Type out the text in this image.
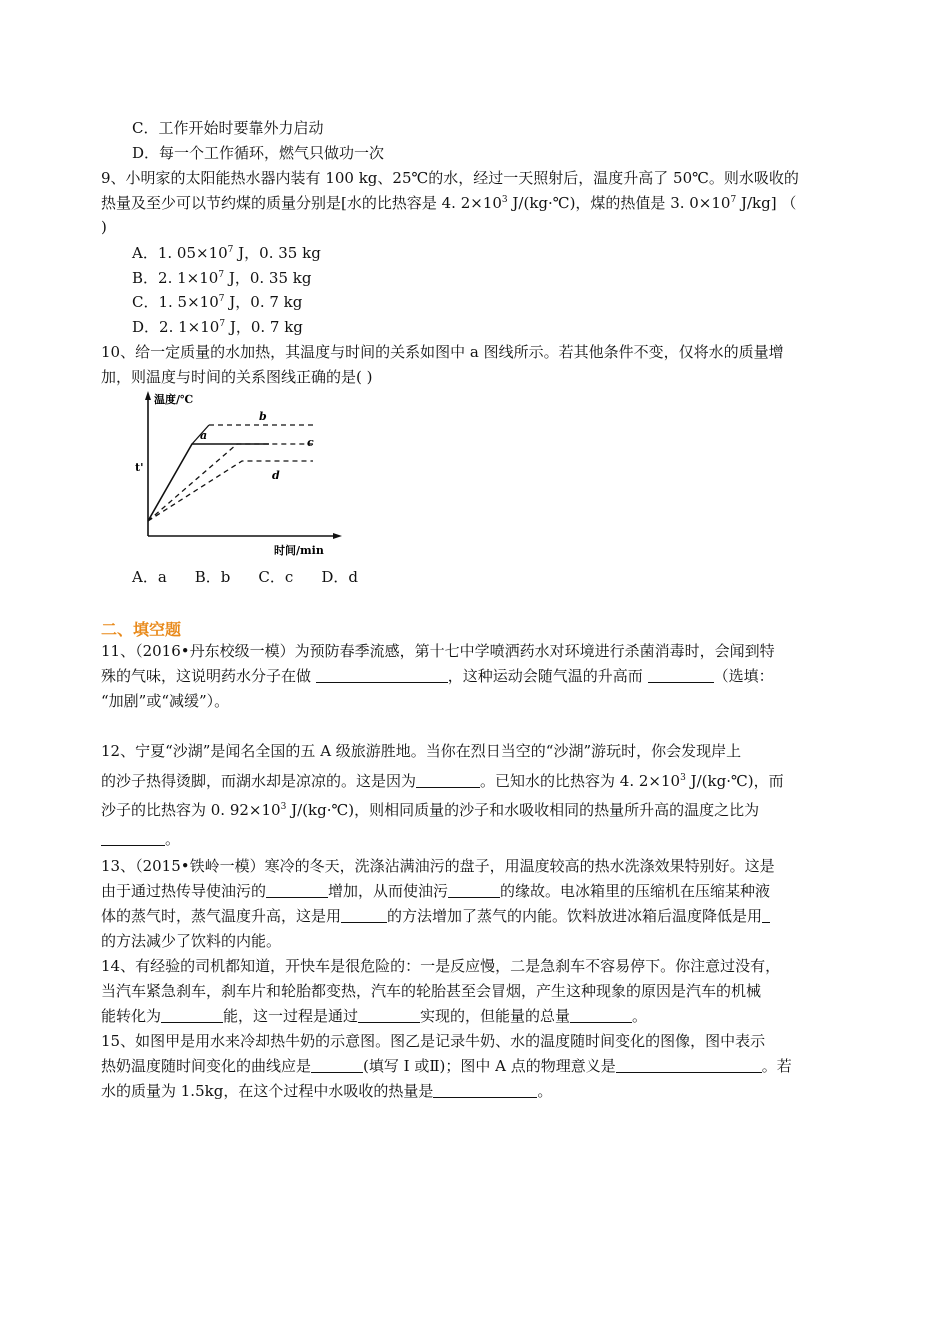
C．工作开始时要靠外力启动
D．每一个工作循环，燃气只做功一次
9、小明家的太阳能热水器内装有 100 kg、25℃的水，经过一天照射后，温度升高了 50℃。则水吸收的
热量及至少可以节约煤的质量分别是[水的比热容是 4. $2\times 10^3$ J/(kg·℃)，煤的热值是 3. $0\times 10^7$ J/kg] （
)
A．1. $05\times 10^7$ J，0. 35 kg
B．2. $1\times 10^7$ J，0. 35 kg
C．1. $5\times 10^7$ J，0. 7 kg
D．2. $1\times 10^7$ J，0. 7 kg
10、给一定质量的水加热，其温度与时间的关系如图中 a 图线所示。若其他条件不变，仅将水的质量增
加，则温度与时间的关系图线正确的是( )
温度/℃
时间/min
t'
a
b
c
d
A．a B．b C．c D．d
二、填空题
11、（2016•丹东校级一模）为预防春季流感，第十七中学喷洒药水对环境进行杀菌消毒时，会闻到特
殊的气味，这说明药水分子在做	，这种运动会随气温的升高而	（选填：
“加剧”或“减缓”）。
12、宁夏“沙湖”是闻名全国的五 A 级旅游胜地。当你在烈日当空的“沙湖”游玩时，你会发现岸上
的沙子热得烫脚，而湖水却是凉凉的。这是因为	。已知水的比热容为 4. $2\times 10^3$ J/(kg·℃)，而
沙子的比热容为 0. $92\times 10^3$ J/(kg·℃)，则相同质量的沙子和水吸收相同的热量所升高的温度之比为
。
13、（2015•铁岭一模）寒冷的冬天，洗涤沾满油污的盘子，用温度较高的热水洗涤效果特别好。这是
由于通过热传导使油污的	增加，从而使油污	的缘故。电冰箱里的压缩机在压缩某种液
体的蒸气时，蒸气温度升高，这是用	的方法增加了蒸气的内能。饮料放进冰箱后温度降低是用
的方法减少了饮料的内能。
14、有经验的司机都知道，开快车是很危险的：一是反应慢，二是急刹车不容易停下。你注意过没有，
当汽车紧急刹车，刹车片和轮胎都变热，汽车的轮胎甚至会冒烟，产生这种现象的原因是汽车的机械
能转化为	能，这一过程是通过	实现的，但能量的总量	。
15、如图甲是用水来冷却热牛奶的示意图。图乙是记录牛奶、水的温度随时间变化的图像，图中表示
热奶温度随时间变化的曲线应是	(填写 I 或Ⅱ)；图中 A 点的物理意义是	。若
水的质量为 1.5kg，在这个过程中水吸收的热量是	。
